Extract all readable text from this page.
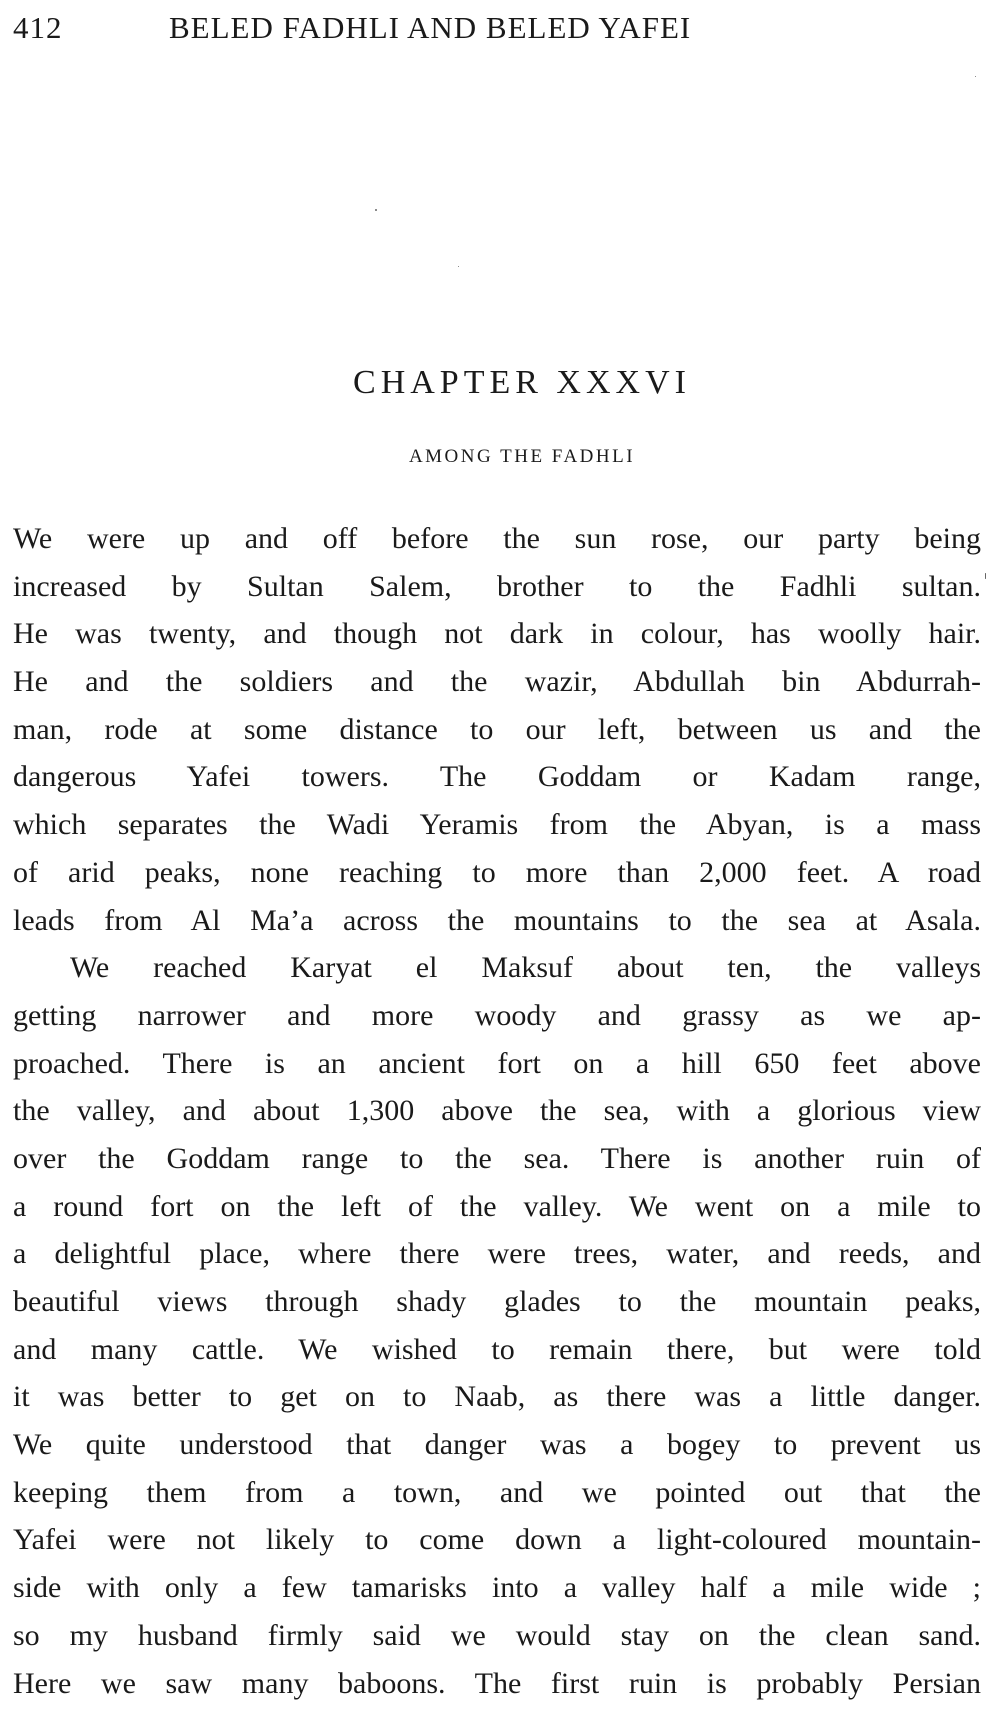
412	BELED FADHLI AND BELED YAFEI
CHAPTER XXXVI
AMONG THE FADHLI
We were up and off before the sun rose, our party being
increased by Sultan Salem, brother to the Fadhli sultan.
He was twenty, and though not dark in colour, has woolly hair.
He and the soldiers and the wazir, Abdullah bin Abdurrah-
man, rode at some distance to our left, between us and the
dangerous Yafei towers. The Goddam or Kadam range,
which separates the Wadi Yeramis from the Abyan, is a mass
of arid peaks, none reaching to more than 2,000 feet. A road
leads from Al Ma’a across the mountains to the sea at Asala.
We reached Karyat el Maksuf about ten, the valleys
getting narrower and more woody and grassy as we ap-
proached. There is an ancient fort on a hill 650 feet above
the valley, and about 1,300 above the sea, with a glorious view
over the Goddam range to the sea. There is another ruin of
a round fort on the left of the valley. We went on a mile to
a delightful place, where there were trees, water, and reeds, and
beautiful views through shady glades to the mountain peaks,
and many cattle. We wished to remain there, but were told
it was better to get on to Naab, as there was a little danger.
We quite understood that danger was a bogey to prevent us
keeping them from a town, and we pointed out that the
Yafei were not likely to come down a light-coloured mountain-
side with only a few tamarisks into a valley half a mile wide ;
so my husband firmly said we would stay on the clean sand.
Here we saw many baboons. The first ruin is probably Persian
